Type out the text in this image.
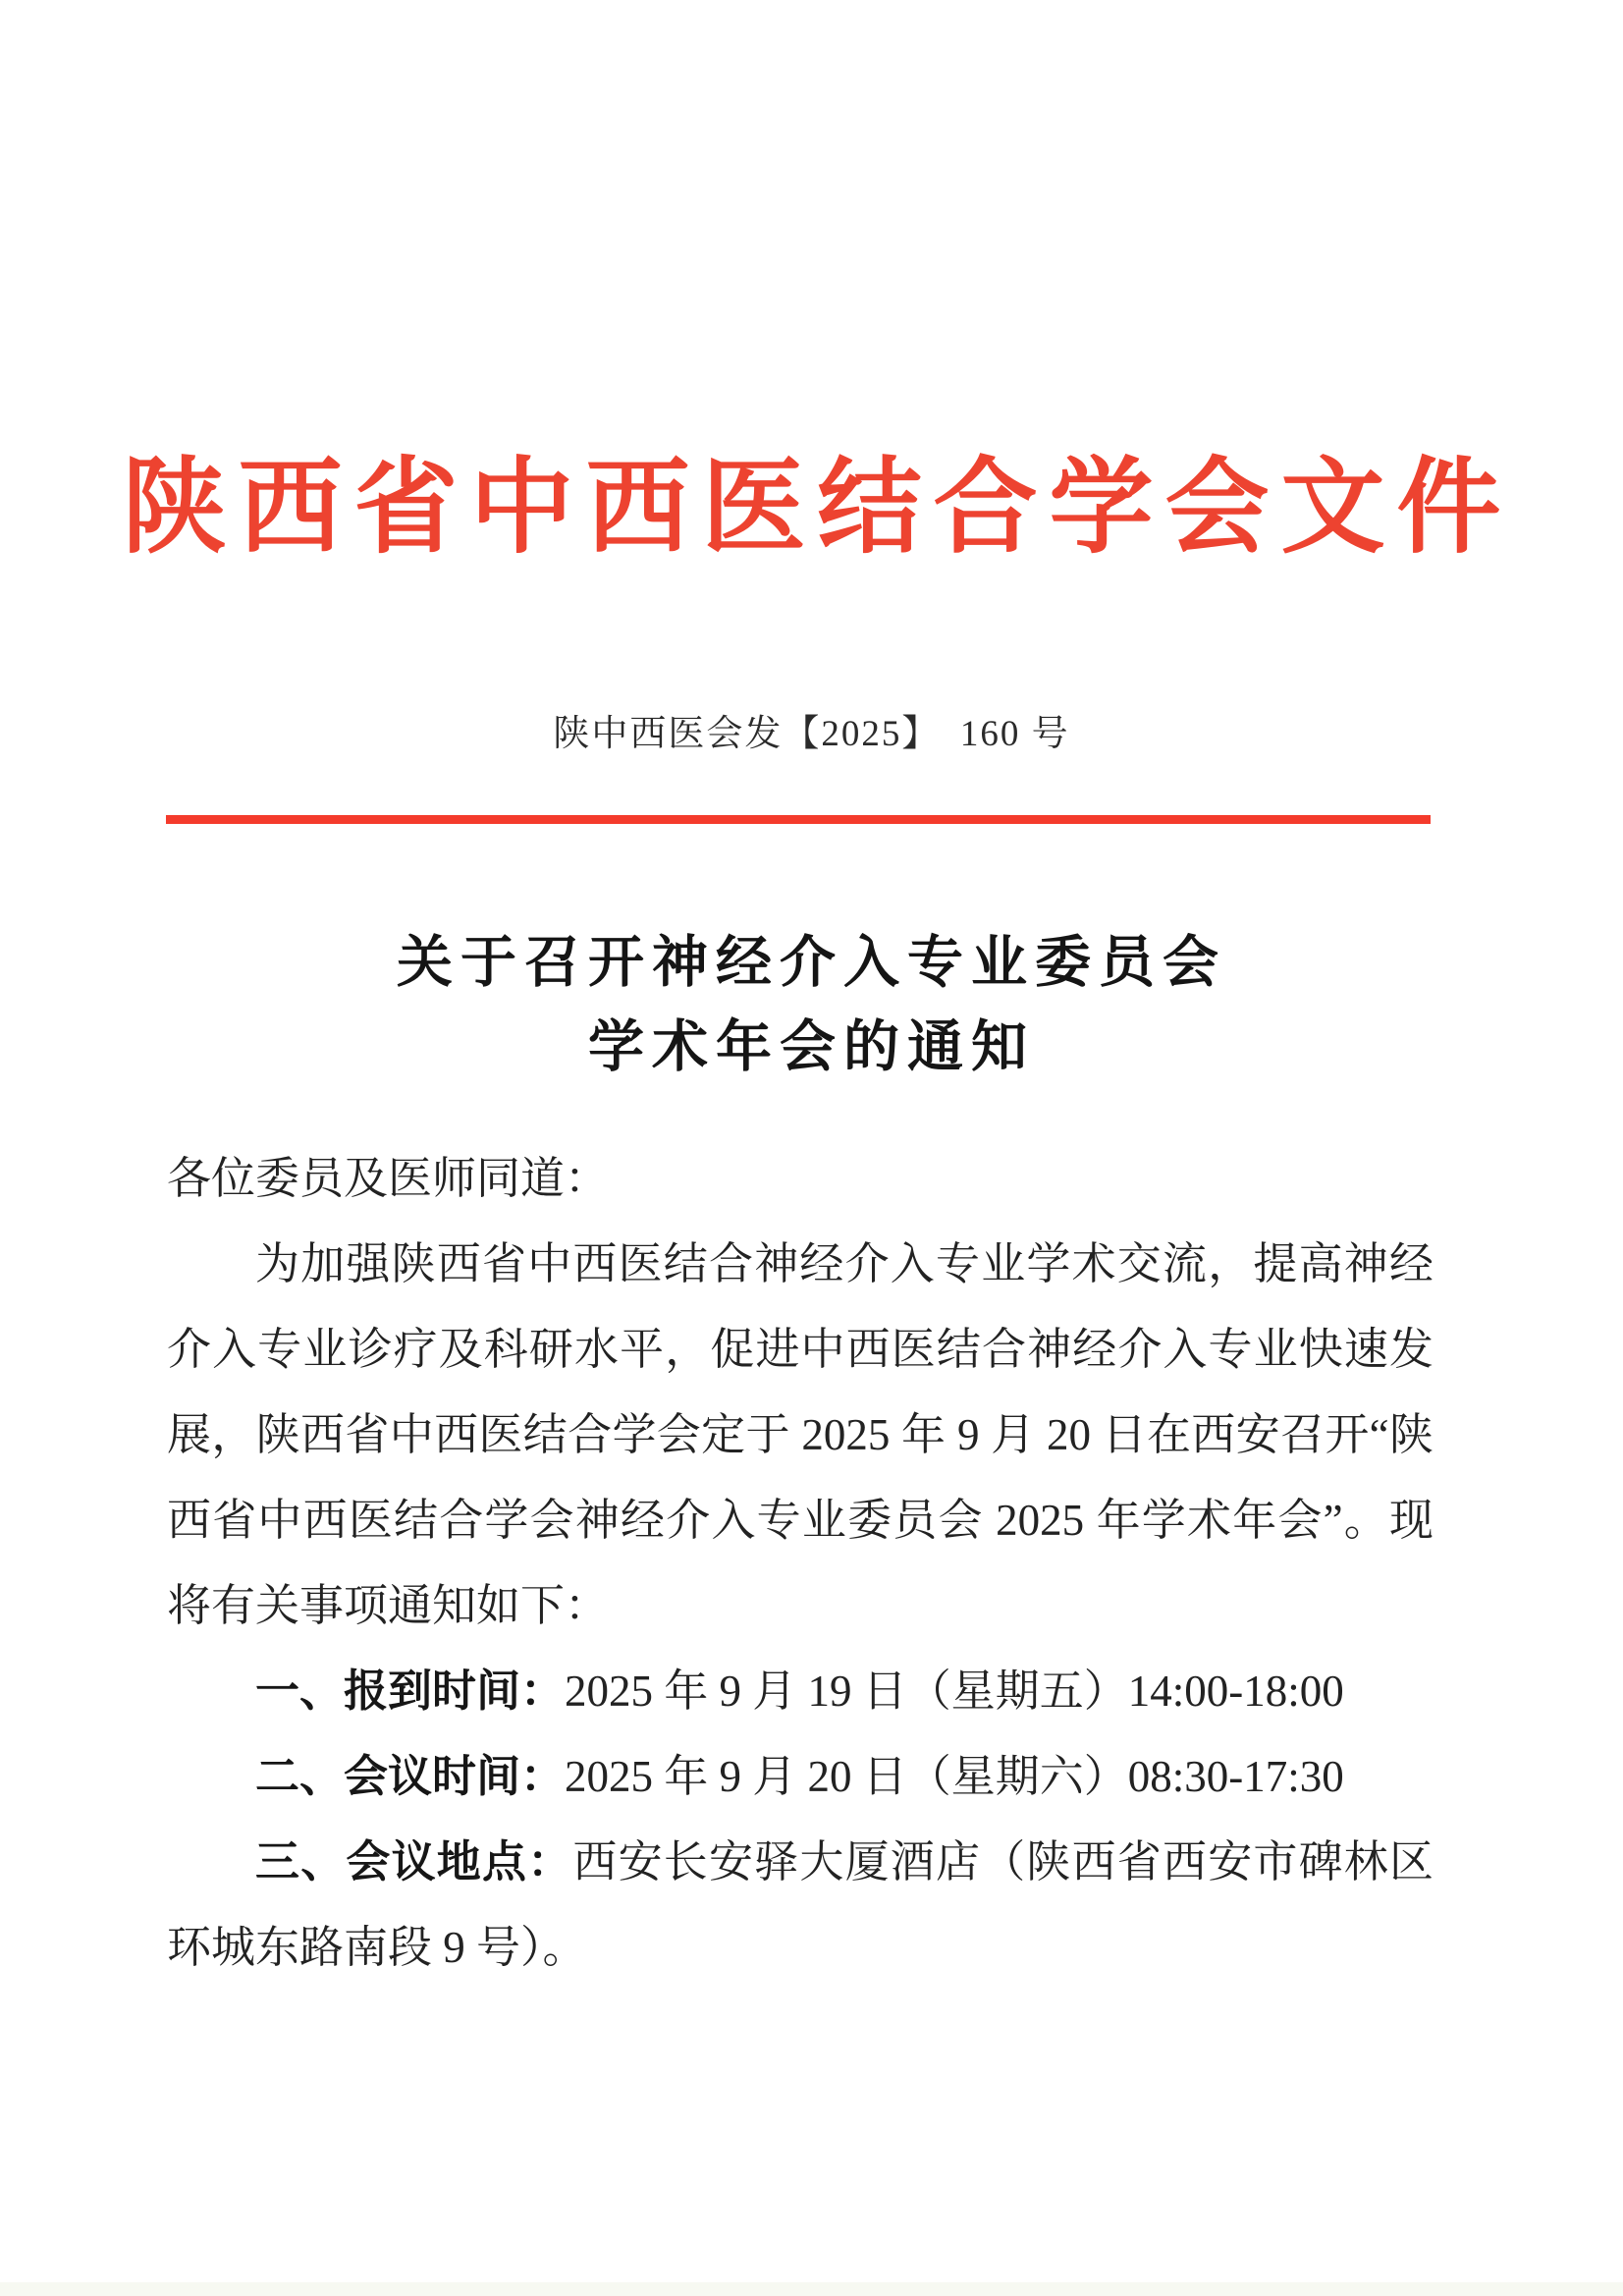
陕西省中西医结合学会文件
陕中西医会发【2025】　160 号
关于召开神经介入专业委员会
学术年会的通知

各位委员及医师同道：

为加强陕西省中西医结合神经介入专业学术交流，提高神经介入专业诊疗及科研水平，促进中西医结合神经介入专业快速发展，陕西省中西医结合学会定于 2025 年 9 月 20 日在西安召开“陕西省中西医结合学会神经介入专业委员会 2025 年学术年会”。现将有关事项通知如下：

一、报到时间：2025 年 9 月 19 日（星期五）14:00-18:00

二、会议时间：2025 年 9 月 20 日（星期六）08:30-17:30

三、会议地点：西安长安驿大厦酒店（陕西省西安市碑林区环城东路南段 9 号）。
